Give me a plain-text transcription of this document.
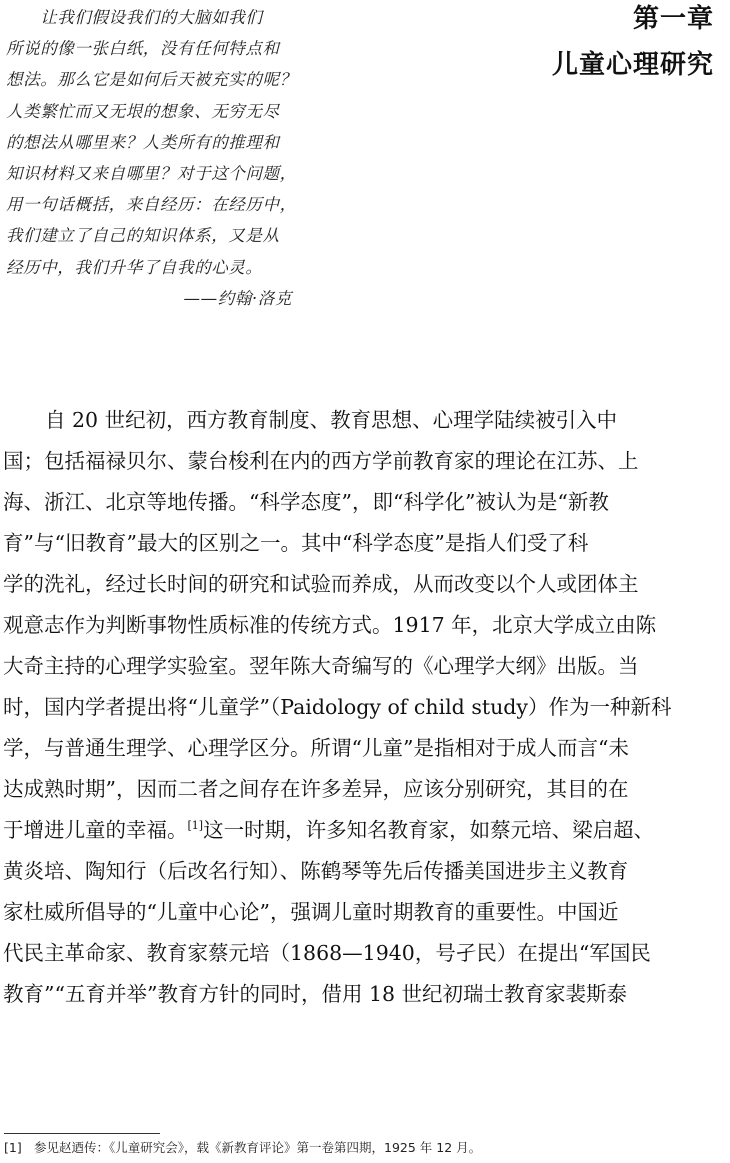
　　让我们假设我们的大脑如我们
所说的像一张白纸，没有任何特点和
想法。那么它是如何后天被充实的呢？
人类繁忙而又无垠的想象、无穷无尽
的想法从哪里来？人类所有的推理和
知识材料又来自哪里？对于这个问题，
用一句话概括，来自经历：在经历中，
我们建立了自己的知识体系，又是从
经历中，我们升华了自我的心灵。
——约翰·洛克
第一章
儿童心理研究
自 20 世纪初，西方教育制度、教育思想、心理学陆续被引入中
国；包括福禄贝尔、蒙台梭利在内的西方学前教育家的理论在江苏、上
海、浙江、北京等地传播。“科学态度”，即“科学化”被认为是“新教
育”与“旧教育”最大的区别之一。其中“科学态度”是指人们受了科
学的洗礼，经过长时间的研究和试验而养成，从而改变以个人或团体主
观意志作为判断事物性质标准的传统方式。1917 年，北京大学成立由陈
大奇主持的心理学实验室。翌年陈大奇编写的《心理学大纲》出版。当
时，国内学者提出将“儿童学”（Paidology of child study）作为一种新科
学，与普通生理学、心理学区分。所谓“儿童”是指相对于成人而言“未
达成熟时期”，因而二者之间存在许多差异，应该分别研究，其目的在
于增进儿童的幸福。[1]这一时期，许多知名教育家，如蔡元培、梁启超、
黄炎培、陶知行（后改名行知）、陈鹤琴等先后传播美国进步主义教育
家杜威所倡导的“儿童中心论”，强调儿童时期教育的重要性。中国近
代民主革命家、教育家蔡元培（1868—1940，号孑民）在提出“军国民
教育”“五育并举”教育方针的同时，借用 18 世纪初瑞士教育家裴斯泰
[1] 参见赵迺传：《儿童研究会》，载《新教育评论》第一卷第四期，1925 年 12 月。
